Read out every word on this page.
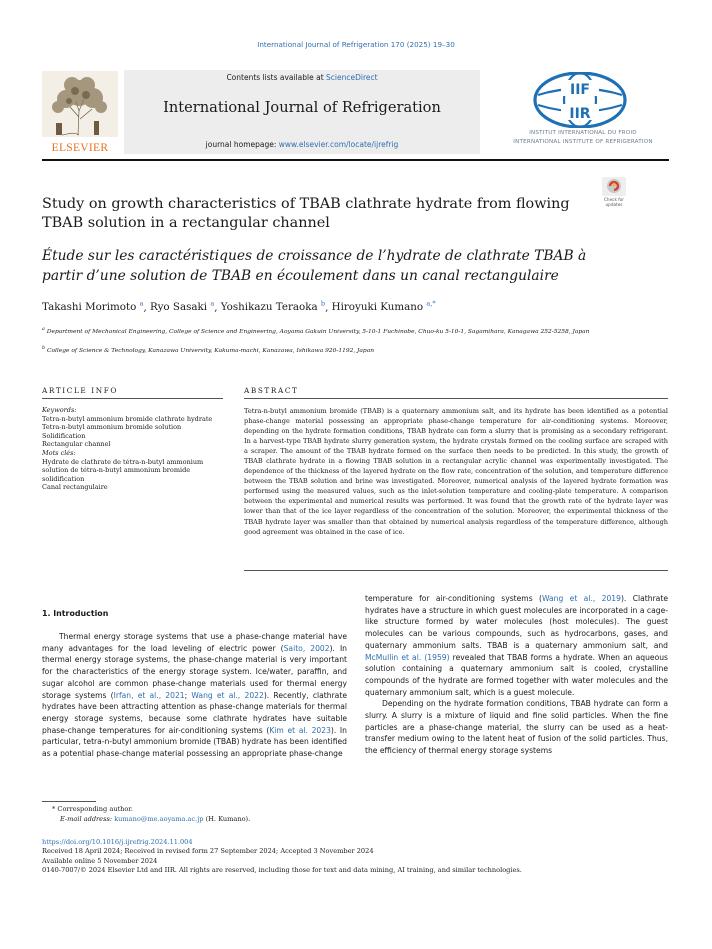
International Journal of Refrigeration 170 (2025) 19–30
ELSEVIER
Contents lists available at ScienceDirect
International Journal of Refrigeration
journal homepage: www.elsevier.com/locate/ijrefrig
IIF
IIR
INSTITUT INTERNATIONAL DU FROID
INTERNATIONAL INSTITUTE OF REFRIGERATION
Study on growth characteristics of TBAB clathrate hydrate from flowing TBAB solution in a rectangular channel
Check for updates
Étude sur les caractéristiques de croissance de l’hydrate de clathrate TBAB à partir d’une solution de TBAB en écoulement dans un canal rectangulaire
Takashi Morimoto $^a$, Ryo Sasaki $^a$, Yoshikazu Teraoka $^b$, Hiroyuki Kumano $^{a,*}$
$^a$ Department of Mechanical Engineering, College of Science and Engineering, Aoyama Gakuin University, 5-10-1 Fuchinobe, Chuo-ku 5-10-1, Sagamihara, Kanagawa 252-5258, Japan
$^b$ College of Science & Technology, Kanazawa University, Kakuma-machi, Kanazawa, Ishikawa 920-1192, Japan
ARTICLE INFO	ABSTRACT
Keywords:
Tetra-n-butyl ammonium bromide clathrate hydrate
Tetra-n-butyl ammonium bromide solution
Solidification
Rectangular channel
Mots clés:
Hydrate de clathrate de tétra-n-butyl ammonium
solution de tétra-n-butyl ammonium bromide
solidification
Canal rectangulaire
Tetra-n-butyl ammonium bromide (TBAB) is a quaternary ammonium salt, and its hydrate has been identified as a potential phase-change material possessing an appropriate phase-change temperature for air-conditioning systems. Moreover, depending on the hydrate formation conditions, TBAB hydrate can form a slurry that is promising as a secondary refrigerant. In a harvest-type TBAB hydrate slurry generation system, the hydrate crystals formed on the cooling surface are scraped with a scraper. The amount of the TBAB hydrate formed on the surface then needs to be predicted. In this study, the growth of TBAB clathrate hydrate in a flowing TBAB solution in a rectangular acrylic channel was experimentally investigated. The dependence of the thickness of the layered hydrate on the flow rate, concentration of the solution, and temperature difference between the TBAB solution and brine was investigated. Moreover, numerical analysis of the layered hydrate formation was performed using the measured values, such as the inlet-solution temperature and cooling-plate temperature. A comparison between the experimental and numerical results was performed. It was found that the growth rate of the hydrate layer was lower than that of the ice layer regardless of the concentration of the solution. Moreover, the experimental thickness of the TBAB hydrate layer was smaller than that obtained by numerical analysis regardless of the temperature difference, although good agreement was obtained in the case of ice.
1. Introduction

Thermal energy storage systems that use a phase-change material have many advantages for the load leveling of electric power (Saito, 2002). In thermal energy storage systems, the phase-change material is very important for the characteristics of the energy storage system. Ice/water, paraffin, and sugar alcohol are common phase-change materials used for thermal energy storage systems (Irfan, et al., 2021; Wang et al., 2022). Recently, clathrate hydrates have been attracting attention as phase-change materials for thermal energy storage systems, because some clathrate hydrates have suitable phase-change temperatures for air-conditioning systems (Kim et al. 2023). In particular, tetra-n-butyl ammonium bromide (TBAB) hydrate has been identified as a potential phase-change material possessing an appropriate phase-change

temperature for air-conditioning systems (Wang et al., 2019). Clathrate hydrates have a structure in which guest molecules are incorporated in a cage-like structure formed by water molecules (host molecules). The guest molecules can be various compounds, such as hydrocarbons, gases, and quaternary ammonium salts. TBAB is a quaternary ammonium salt, and McMullin et al. (1959) revealed that TBAB forms a hydrate. When an aqueous solution containing a quaternary ammonium salt is cooled, crystalline compounds of the hydrate are formed together with water molecules and the quaternary ammonium salt, which is a guest molecule.

Depending on the hydrate formation conditions, TBAB hydrate can form a slurry. A slurry is a mixture of liquid and fine solid particles. When the fine particles are a phase-change material, the slurry can be used as a heat-transfer medium owing to the latent heat of fusion of the solid particles. Thus, the efficiency of thermal energy storage systems

* Corresponding author.
E-mail address: kumano@me.aoyama.ac.jp (H. Kumano).
https://doi.org/10.1016/j.ijrefrig.2024.11.004
Received 18 April 2024; Received in revised form 27 September 2024; Accepted 3 November 2024
Available online 5 November 2024
0140-7007/© 2024 Elsevier Ltd and IIR. All rights are reserved, including those for text and data mining, AI training, and similar technologies.
